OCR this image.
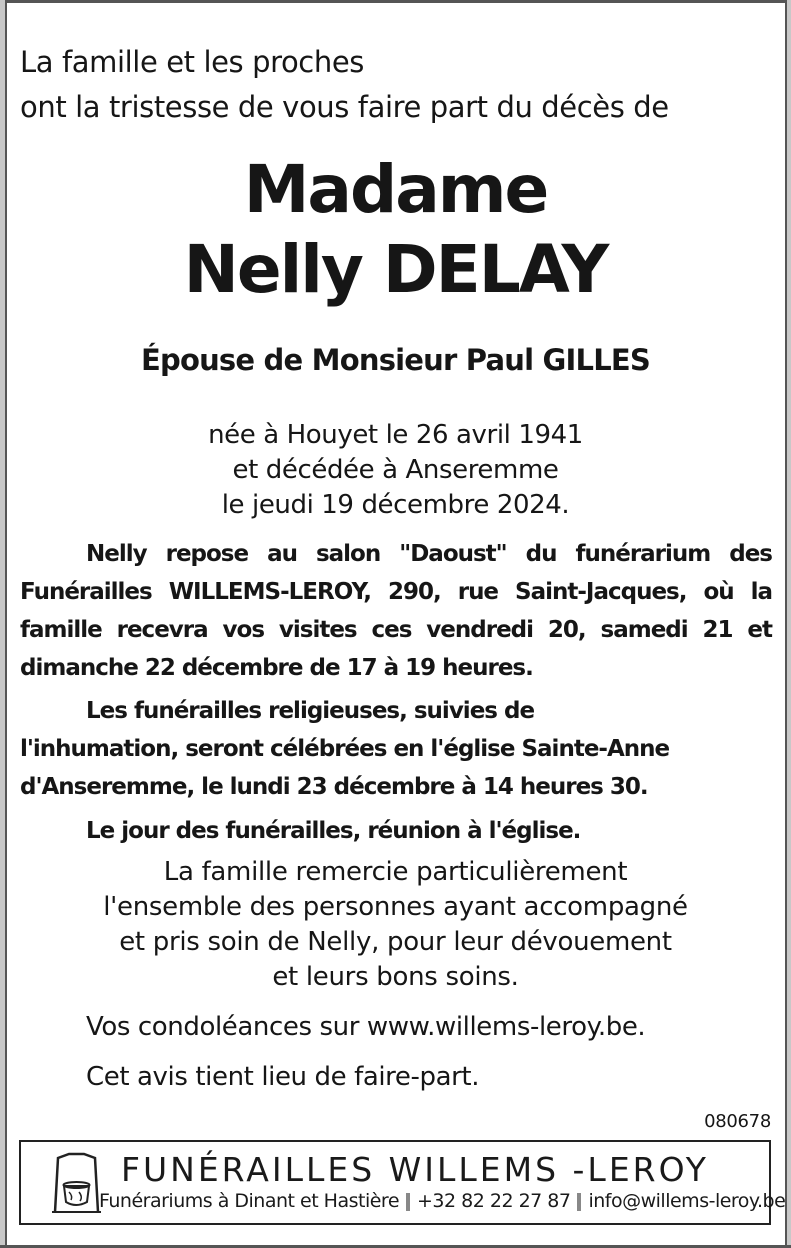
La famille et les proches
ont la tristesse de vous faire part du décès de
Madame
Nelly DELAY
Épouse de Monsieur Paul GILLES
née à Houyet le 26 avril 1941
et décédée à Anseremme
le jeudi 19 décembre 2024.
Nelly repose au salon "Daoust" du funérarium des Funérailles WILLEMS-LEROY, 290, rue Saint-Jacques, où la famille recevra vos visites ces vendredi 20, samedi 21 et dimanche 22 décembre de 17 à 19 heures.
Les funérailles religieuses, suivies de
l'inhumation, seront célébrées en l'église Sainte-Anne
d'Anseremme, le lundi 23 décembre à 14 heures 30.
Le jour des funérailles, réunion à l'église.
La famille remercie particulièrement
l'ensemble des personnes ayant accompagné
et pris soin de Nelly, pour leur dévouement
et leurs bons soins.
Vos condoléances sur www.willems-leroy.be.
Cet avis tient lieu de faire-part.
080678
FUNÉRAILLES WILLEMS -LEROY
Funérariums à Dinant et Hastière +32 82 22 27 87 info@willems-leroy.be
